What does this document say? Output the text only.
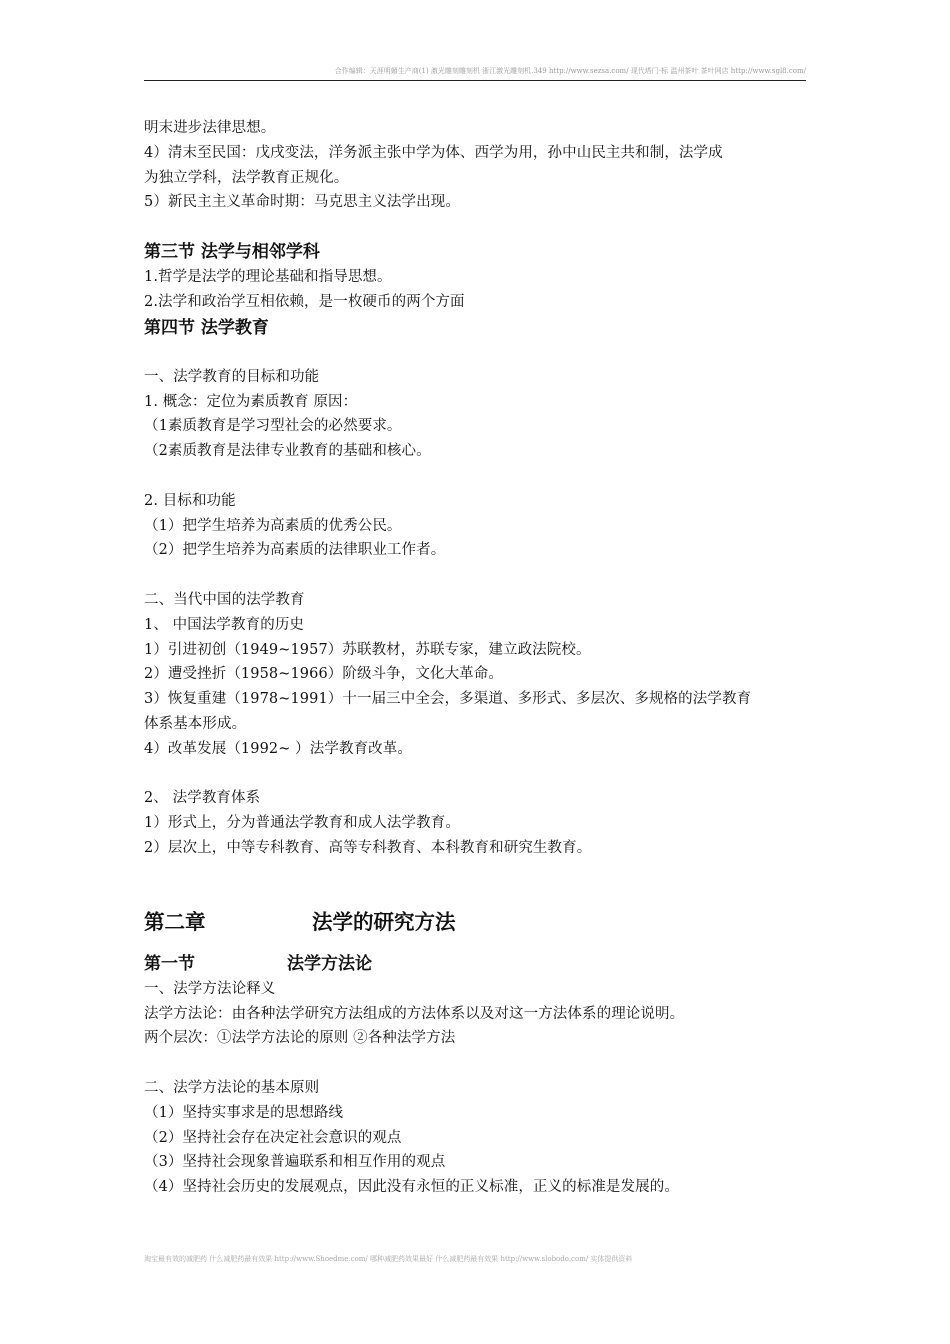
合作编辑：天涯明媚生产商(1) 激光雕刻雕刻机 浙江激光雕刻机.349 http://www.sezsa.com/ 现代塔门-标 温州茶叶 茶叶网店 http://www.sgl8.com/
明末进步法律思想。
4）清末至民国：戊戌变法，洋务派主张中学为体、西学为用，孙中山民主共和制，法学成
为独立学科，法学教育正规化。
5）新民主主义革命时期：马克思主义法学出现。
第三节 法学与相邻学科
1.哲学是法学的理论基础和指导思想。
2.法学和政治学互相依赖，是一枚硬币的两个方面
第四节 法学教育
一、法学教育的目标和功能
1. 概念：定位为素质教育 原因：
（1素质教育是学习型社会的必然要求。
（2素质教育是法律专业教育的基础和核心。
2. 目标和功能
（1）把学生培养为高素质的优秀公民。
（2）把学生培养为高素质的法律职业工作者。
二、当代中国的法学教育
1、 中国法学教育的历史
1）引进初创（1949~1957）苏联教材，苏联专家，建立政法院校。
2）遭受挫折（1958~1966）阶级斗争，文化大革命。
3）恢复重建（1978~1991）十一届三中全会，多渠道、多形式、多层次、多规格的法学教育
体系基本形成。
4）改革发展（1992~ ）法学教育改革。
2、 法学教育体系
1）形式上，分为普通法学教育和成人法学教育。
2）层次上，中等专科教育、高等专科教育、本科教育和研究生教育。
第二章	法学的研究方法
第一节	法学方法论
一、法学方法论释义
法学方法论：由各种法学研究方法组成的方法体系以及对这一方法体系的理论说明。
两个层次：①法学方法论的原则 ②各种法学方法
二、法学方法论的基本原则
（1）坚持实事求是的思想路线
（2）坚持社会存在决定社会意识的观点
（3）坚持社会现象普遍联系和相互作用的观点
（4）坚持社会历史的发展观点，因此没有永恒的正义标准，正义的标准是发展的。
淘宝最有效的减肥药 什么减肥药最有效果 http://www.Shoedme.com/ 哪种减肥药效果最好 什么减肥药最有效果 http://www.slobodo.com/ 实体提供资料
